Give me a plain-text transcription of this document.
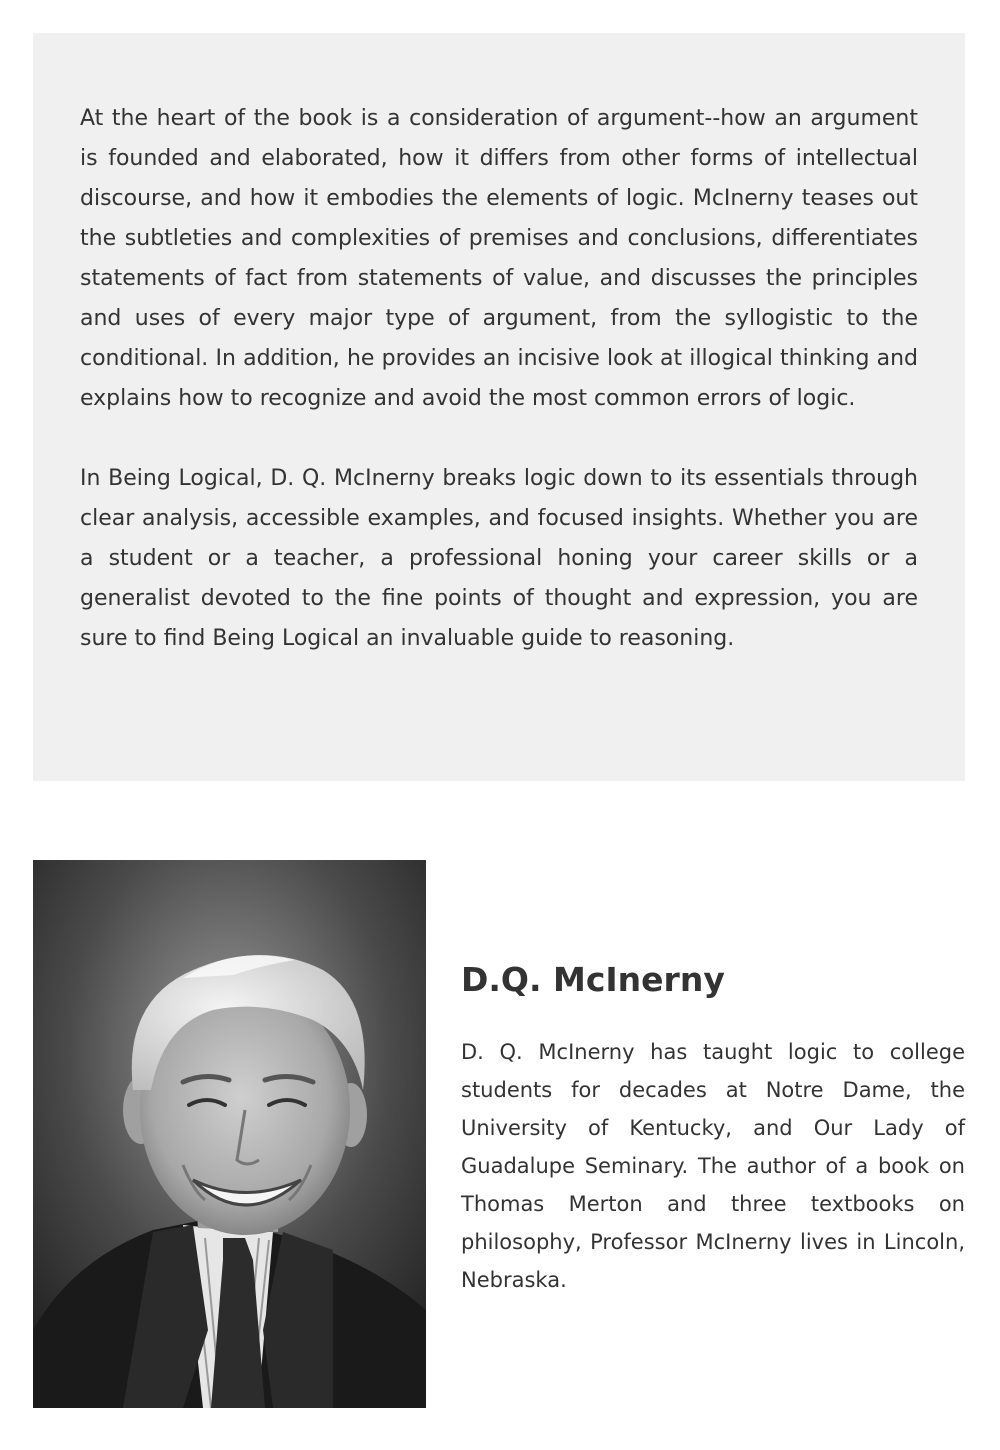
At the heart of the book is a consideration of argument--how an argument is founded and elaborated, how it differs from other forms of intellectual discourse, and how it embodies the elements of logic. McInerny teases out the subtleties and complexities of premises and conclusions, differentiates statements of fact from statements of value, and discusses the principles and uses of every major type of argument, from the syllogistic to the conditional. In addition, he provides an incisive look at illogical thinking and explains how to recognize and avoid the most common errors of logic.

In Being Logical, D. Q. McInerny breaks logic down to its essentials through clear analysis, accessible examples, and focused insights. Whether you are a student or a teacher, a professional honing your career skills or a generalist devoted to the fine points of thought and expression, you are sure to find Being Logical an invaluable guide to reasoning.

D.Q. McInerny

D. Q. McInerny has taught logic to college students for decades at Notre Dame, the University of Kentucky, and Our Lady of Guadalupe Seminary. The author of a book on Thomas Merton and three textbooks on philosophy, Professor McInerny lives in Lincoln, Nebraska.
